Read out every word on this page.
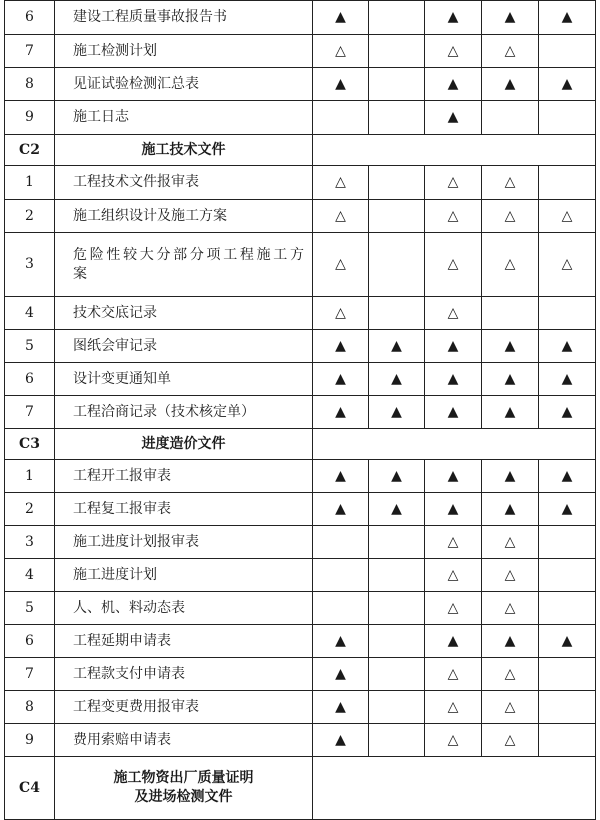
6	建设工程质量事故报告书	▲		▲	▲	▲
7	施工检测计划	△		△	△	
8	见证试验检测汇总表	▲		▲	▲	▲
9	施工日志			▲		
C2	施工技术文件					
1	工程技术文件报审表	△		△	△	
2	施工组织设计及施工方案	△		△	△	△
3	危险性较大分部分项工程施工方案	△		△	△	△
4	技术交底记录	△		△		
5	图纸会审记录	▲	▲	▲	▲	▲
6	设计变更通知单	▲	▲	▲	▲	▲
7	工程洽商记录（技术核定单）	▲	▲	▲	▲	▲
C3	进度造价文件					
1	工程开工报审表	▲	▲	▲	▲	▲
2	工程复工报审表	▲	▲	▲	▲	▲
3	施工进度计划报审表			△	△	
4	施工进度计划			△	△	
5	人、机、料动态表			△	△	
6	工程延期申请表	▲		▲	▲	▲
7	工程款支付申请表	▲		△	△	
8	工程变更费用报审表	▲		△	△	
9	费用索赔申请表	▲		△	△	
C4	施工物资出厂质量证明
及进场检测文件					
